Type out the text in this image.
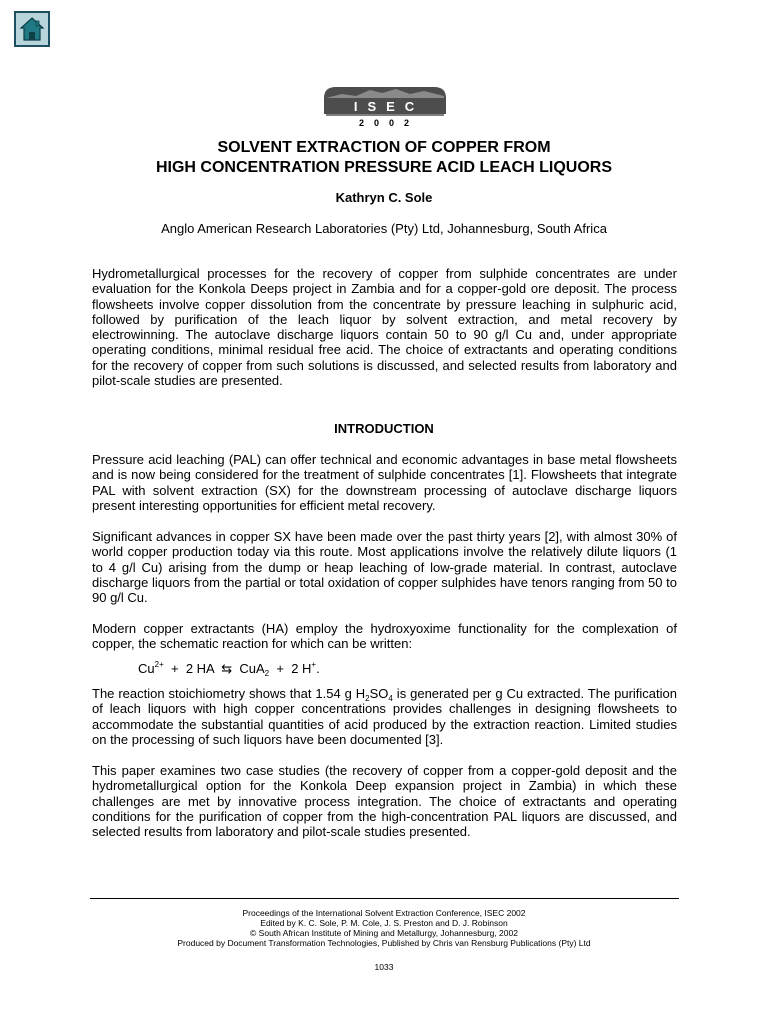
ISEC
2002
SOLVENT EXTRACTION OF COPPER FROM
HIGH CONCENTRATION PRESSURE ACID LEACH LIQUORS
Kathryn C. Sole
Anglo American Research Laboratories (Pty) Ltd, Johannesburg, South Africa

Hydrometallurgical processes for the recovery of copper from sulphide concentrates are under evaluation for the Konkola Deeps project in Zambia and for a copper-gold ore deposit. The process flowsheets involve copper dissolution from the concentrate by pressure leaching in sulphuric acid, followed by purification of the leach liquor by solvent extraction, and metal recovery by electrowinning. The autoclave discharge liquors contain 50 to 90 g/l Cu and, under appropriate operating conditions, minimal residual free acid. The choice of extractants and operating conditions for the recovery of copper from such solutions is discussed, and selected results from laboratory and pilot-scale studies are presented.

INTRODUCTION

Pressure acid leaching (PAL) can offer technical and economic advantages in base metal flowsheets and is now being considered for the treatment of sulphide concentrates [1]. Flowsheets that integrate PAL with solvent extraction (SX) for the downstream processing of autoclave discharge liquors present interesting opportunities for efficient metal recovery.

Significant advances in copper SX have been made over the past thirty years [2], with almost 30% of world copper production today via this route. Most applications involve the relatively dilute liquors (1 to 4 g/l Cu) arising from the dump or heap leaching of low-grade material. In contrast, autoclave discharge liquors from the partial or total oxidation of copper sulphides have tenors ranging from 50 to 90 g/l Cu.

Modern copper extractants (HA) employ the hydroxyoxime functionality for the complexation of copper, the schematic reaction for which can be written:

$Cu^{2+} + 2$ HA ⇆ CuA$_2$ + 2 H+.

The reaction stoichiometry shows that 1.54 g $H_2SO_4$ is generated per g Cu extracted. The purification of leach liquors with high copper concentrations provides challenges in designing flowsheets to accommodate the substantial quantities of acid produced by the extraction reaction. Limited studies on the processing of such liquors have been documented [3].

This paper examines two case studies (the recovery of copper from a copper-gold deposit and the hydrometallurgical option for the Konkola Deep expansion project in Zambia) in which these challenges are met by innovative process integration. The choice of extractants and operating conditions for the purification of copper from the high-concentration PAL liquors are discussed, and selected results from laboratory and pilot-scale studies presented.

Proceedings of the International Solvent Extraction Conference, ISEC 2002
Edited by K. C. Sole, P. M. Cole, J. S. Preston and D. J. Robinson
© South African Institute of Mining and Metallurgy, Johannesburg, 2002
Produced by Document Transformation Technologies, Published by Chris van Rensburg Publications (Pty) Ltd
1033
